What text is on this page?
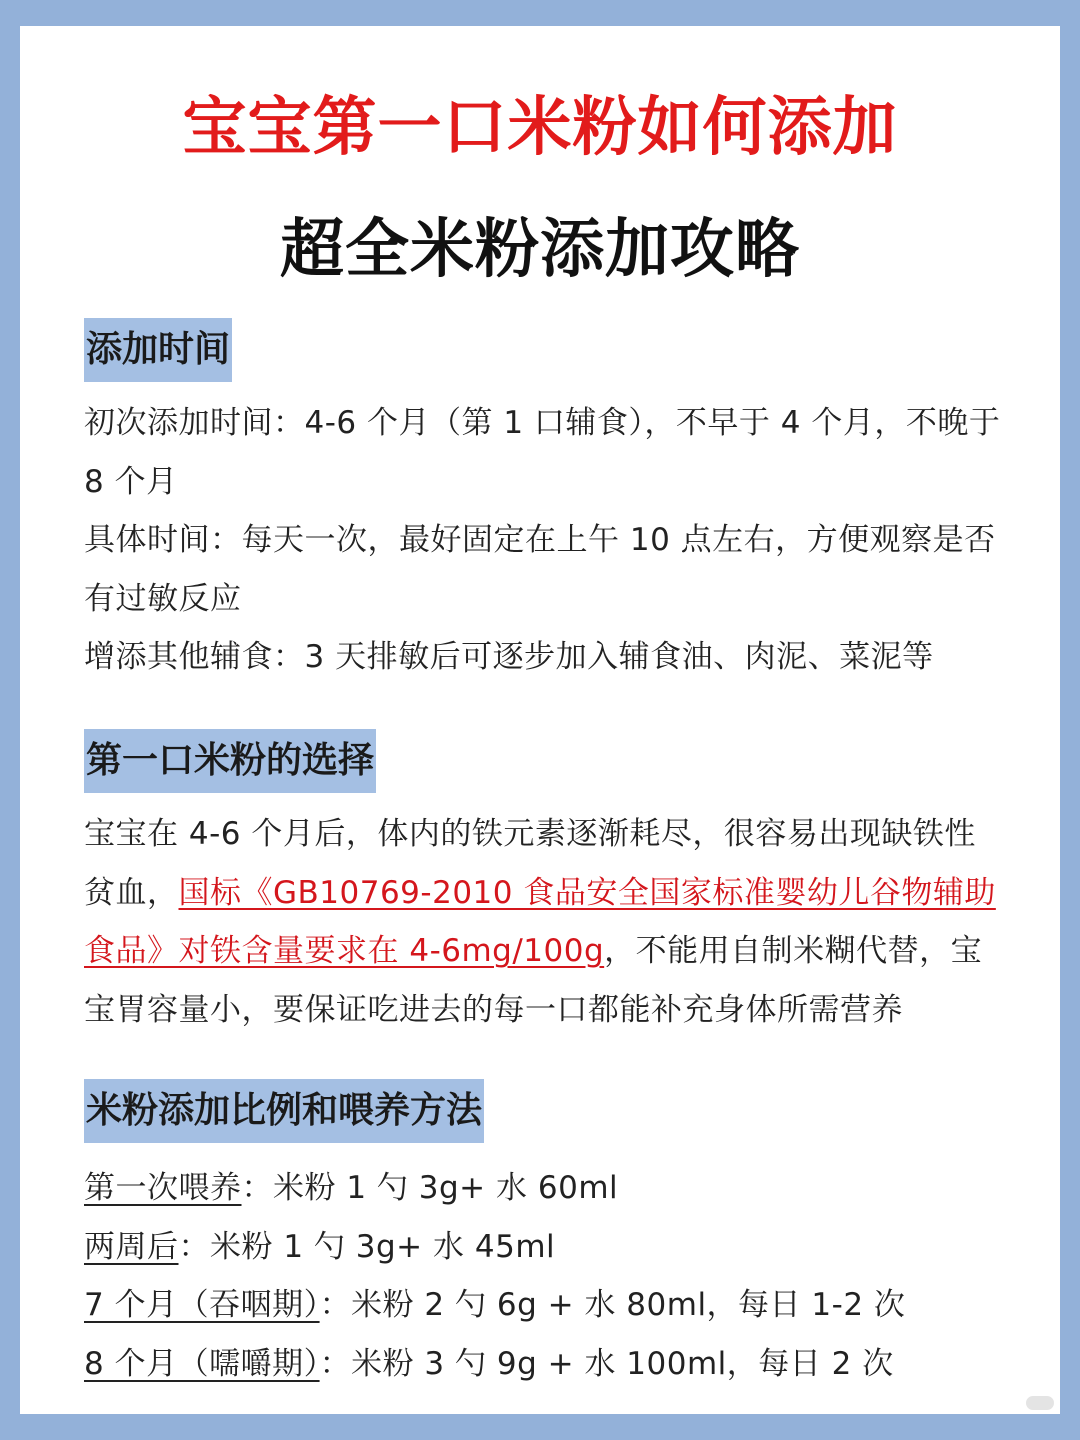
宝宝第一口米粉如何添加
超全米粉添加攻略
添加时间

初次添加时间：4-6 个月（第 1 口辅食），不早于 4 个月，不晚于 8 个月

具体时间：每天一次，最好固定在上午 10 点左右，方便观察是否有过敏反应

增添其他辅食：3 天排敏后可逐步加入辅食油、肉泥、菜泥等

第一口米粉的选择

宝宝在 4-6 个月后，体内的铁元素逐渐耗尽，很容易出现缺铁性贫血，国标《GB10769-2010 食品安全国家标准婴幼儿谷物辅助食品》对铁含量要求在 4-6mg/100g，不能用自制米糊代替，宝宝胃容量小，要保证吃进去的每一口都能补充身体所需营养

米粉添加比例和喂养方法
第一次喂养：米粉 1 勺 3g+ 水 60ml
两周后：米粉 1 勺 3g+ 水 45ml
7 个月（吞咽期）：米粉 2 勺 6g + 水 80ml，每日 1-2 次
8 个月（嚅嚼期）：米粉 3 勺 9g + 水 100ml，每日 2 次
